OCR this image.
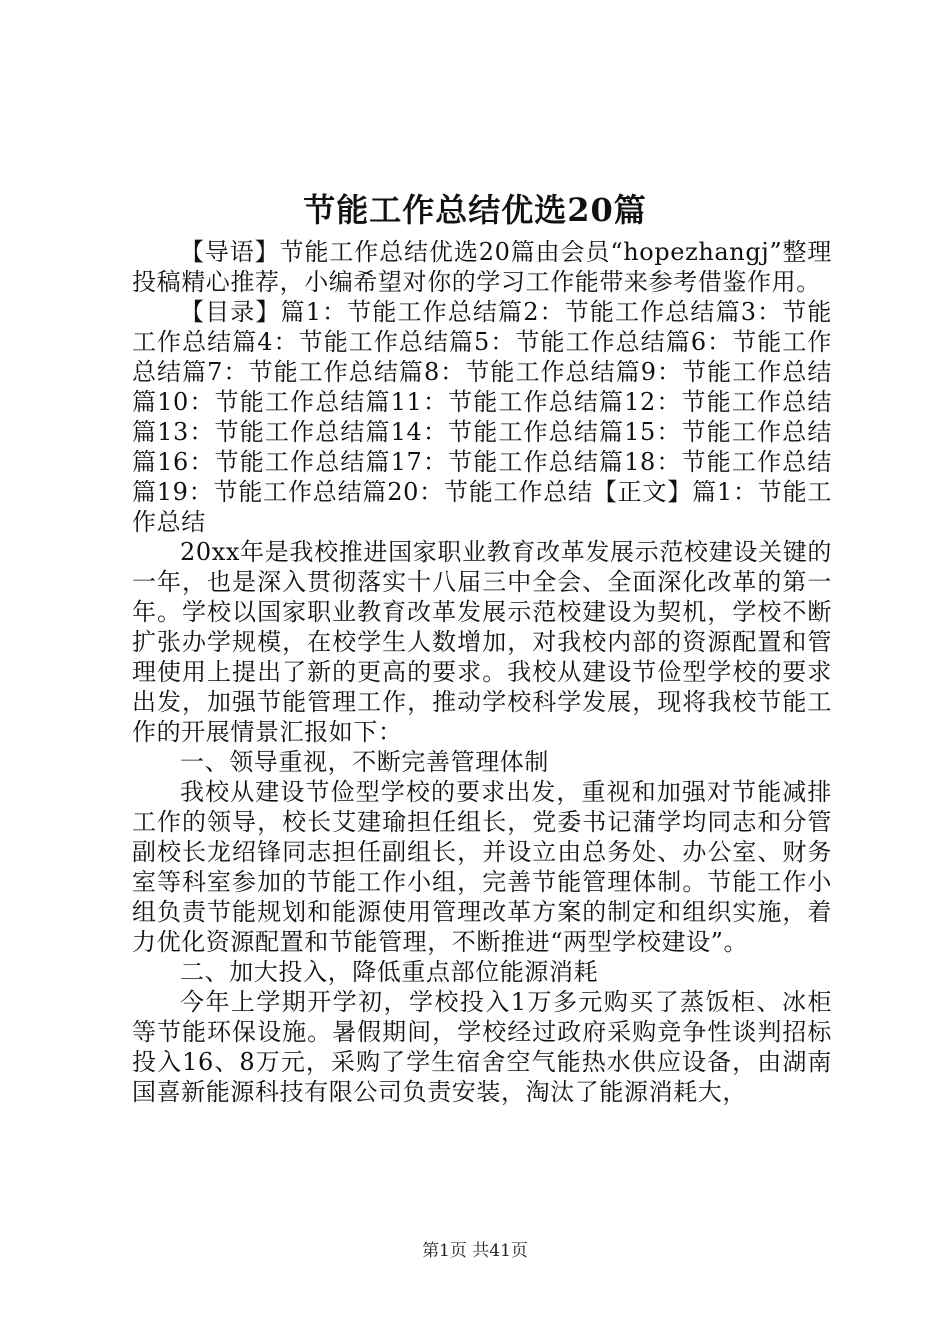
节能工作总结优选20篇

【导语】节能工作总结优选20篇由会员“hopezhangj”整理投稿精心推荐，小编希望对你的学习工作能带来参考借鉴作用。

【目录】篇1：节能工作总结篇2：节能工作总结篇3：节能工作总结篇4：节能工作总结篇5：节能工作总结篇6：节能工作总结篇7：节能工作总结篇8：节能工作总结篇9：节能工作总结篇10：节能工作总结篇11：节能工作总结篇12：节能工作总结篇13：节能工作总结篇14：节能工作总结篇15：节能工作总结篇16：节能工作总结篇17：节能工作总结篇18：节能工作总结篇19：节能工作总结篇20：节能工作总结【正文】篇1：节能工作总结

20xx年是我校推进国家职业教育改革发展示范校建设关键的一年，也是深入贯彻落实十八届三中全会、全面深化改革的第一年。学校以国家职业教育改革发展示范校建设为契机，学校不断扩张办学规模，在校学生人数增加，对我校内部的资源配置和管理使用上提出了新的更高的要求。我校从建设节俭型学校的要求出发，加强节能管理工作，推动学校科学发展，现将我校节能工作的开展情景汇报如下：

一、领导重视，不断完善管理体制

我校从建设节俭型学校的要求出发，重视和加强对节能减排工作的领导，校长艾建瑜担任组长，党委书记蒲学均同志和分管副校长龙绍锋同志担任副组长，并设立由总务处、办公室、财务室等科室参加的节能工作小组，完善节能管理体制。节能工作小组负责节能规划和能源使用管理改革方案的制定和组织实施，着力优化资源配置和节能管理，不断推进“两型学校建设”。

二、加大投入，降低重点部位能源消耗

今年上学期开学初，学校投入1万多元购买了蒸饭柜、冰柜等节能环保设施。暑假期间，学校经过政府采购竞争性谈判招标投入16、8万元，采购了学生宿舍空气能热水供应设备，由湖南国喜新能源科技有限公司负责安装，淘汰了能源消耗大，

第1页 共41页
